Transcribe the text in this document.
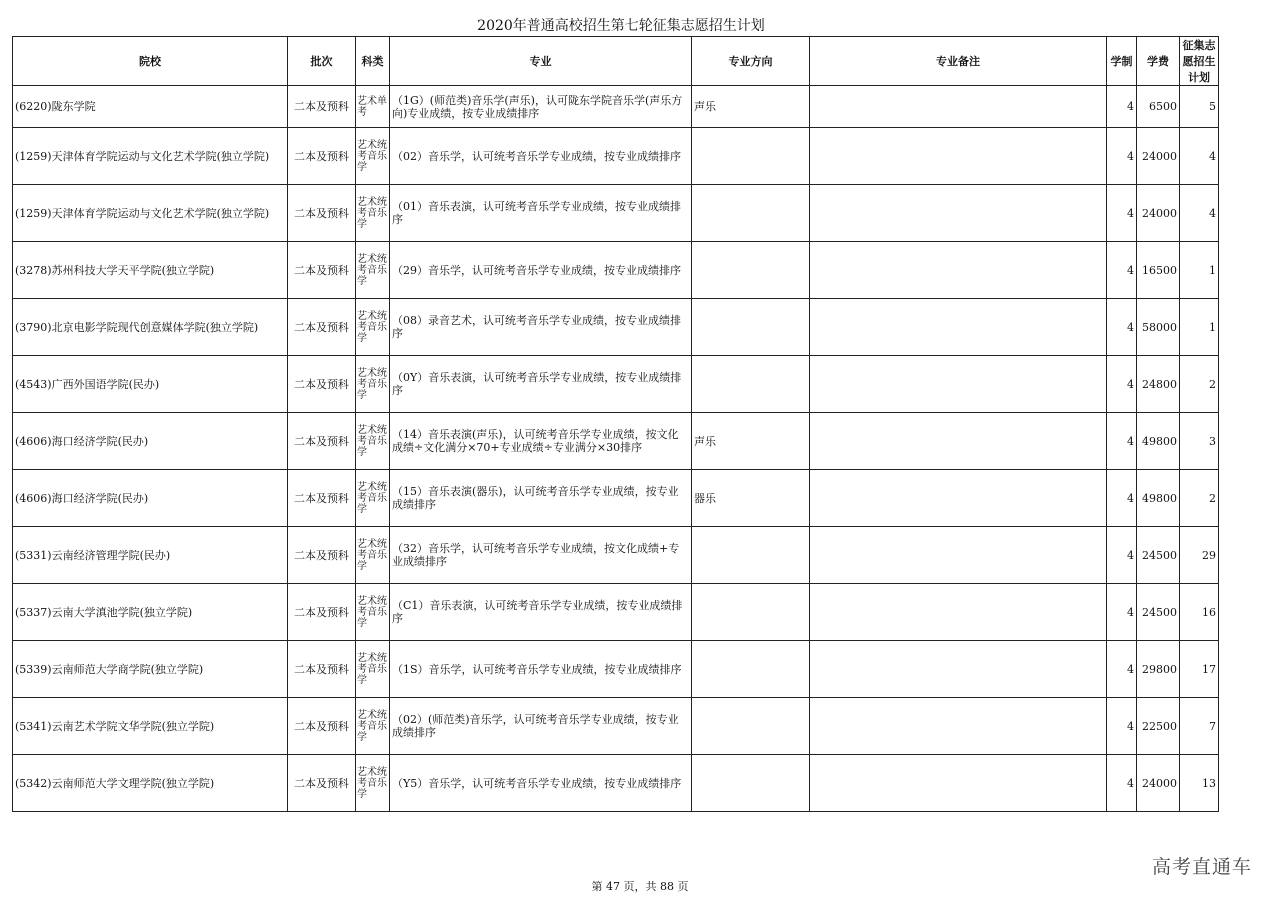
2020年普通高校招生第七轮征集志愿招生计划
院校	批次	科类	专业	专业方向	专业备注	学制	学费	征集志愿招生计划
(6220)陇东学院	二本及预科	艺术单考	（1G）(师范类)音乐学(声乐)，认可陇东学院音乐学(声乐方向)专业成绩，按专业成绩排序	声乐		4	6500	5
(1259)天津体育学院运动与文化艺术学院(独立学院)	二本及预科	艺术统考音乐学	（02）音乐学，认可统考音乐学专业成绩，按专业成绩排序			4	24000	4
(1259)天津体育学院运动与文化艺术学院(独立学院)	二本及预科	艺术统考音乐学	（01）音乐表演，认可统考音乐学专业成绩，按专业成绩排序			4	24000	4
(3278)苏州科技大学天平学院(独立学院)	二本及预科	艺术统考音乐学	（29）音乐学，认可统考音乐学专业成绩，按专业成绩排序			4	16500	1
(3790)北京电影学院现代创意媒体学院(独立学院)	二本及预科	艺术统考音乐学	（08）录音艺术，认可统考音乐学专业成绩，按专业成绩排序			4	58000	1
(4543)广西外国语学院(民办)	二本及预科	艺术统考音乐学	（0Y）音乐表演，认可统考音乐学专业成绩，按专业成绩排序			4	24800	2
(4606)海口经济学院(民办)	二本及预科	艺术统考音乐学	（14）音乐表演(声乐)，认可统考音乐学专业成绩，按文化成绩÷文化满分×70+专业成绩÷专业满分×30排序	声乐		4	49800	3
(4606)海口经济学院(民办)	二本及预科	艺术统考音乐学	（15）音乐表演(器乐)，认可统考音乐学专业成绩，按专业成绩排序	器乐		4	49800	2
(5331)云南经济管理学院(民办)	二本及预科	艺术统考音乐学	（32）音乐学，认可统考音乐学专业成绩，按文化成绩+专业成绩排序			4	24500	29
(5337)云南大学滇池学院(独立学院)	二本及预科	艺术统考音乐学	（C1）音乐表演，认可统考音乐学专业成绩，按专业成绩排序			4	24500	16
(5339)云南师范大学商学院(独立学院)	二本及预科	艺术统考音乐学	（1S）音乐学，认可统考音乐学专业成绩，按专业成绩排序			4	29800	17
(5341)云南艺术学院文华学院(独立学院)	二本及预科	艺术统考音乐学	（02）(师范类)音乐学，认可统考音乐学专业成绩，按专业成绩排序			4	22500	7
(5342)云南师范大学文理学院(独立学院)	二本及预科	艺术统考音乐学	（Y5）音乐学，认可统考音乐学专业成绩，按专业成绩排序			4	24000	13
第 47 页，共 88 页
高考直通车
